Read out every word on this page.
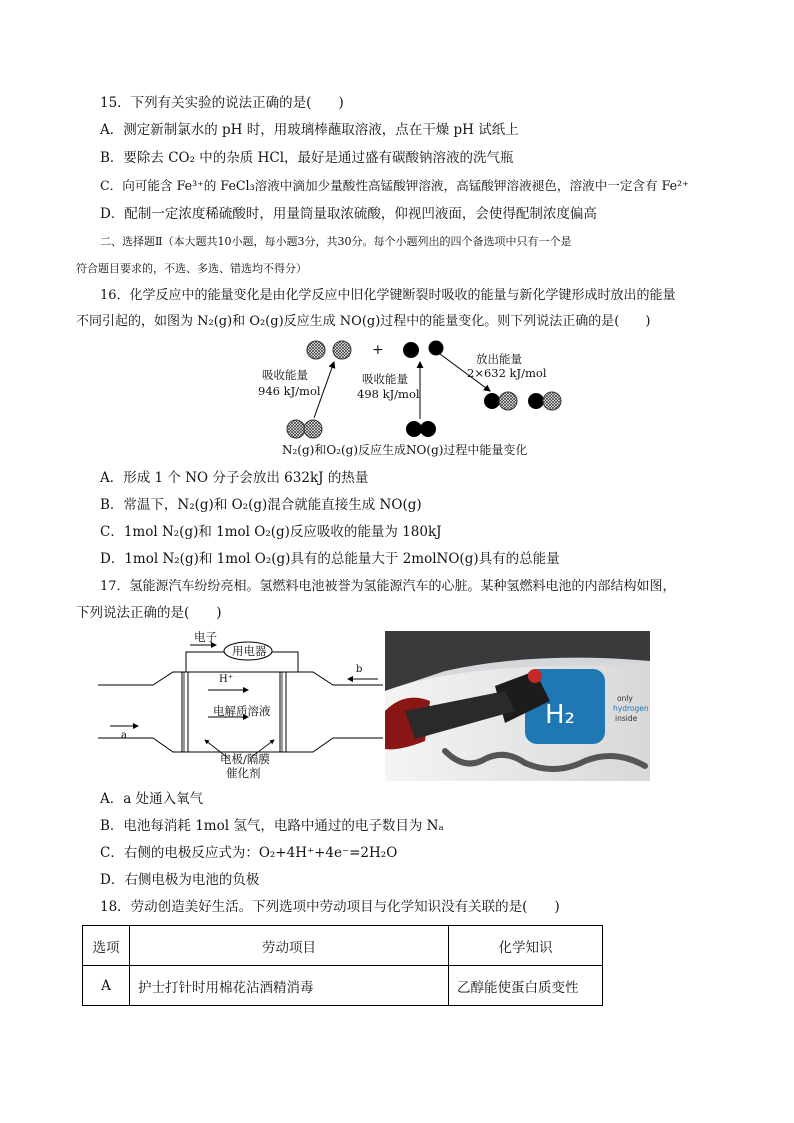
15．下列有关实验的说法正确的是(　　)
A．测定新制氯水的 pH 时，用玻璃棒蘸取溶液，点在干燥 pH 试纸上
B．要除去 CO₂ 中的杂质 HCl，最好是通过盛有碳酸钠溶液的洗气瓶
C．向可能含 Fe³⁺的 FeCl₃溶液中滴加少量酸性高锰酸钾溶液，高锰酸钾溶液褪色，溶液中一定含有 Fe²⁺
D．配制一定浓度稀硫酸时，用量筒量取浓硫酸，仰视凹液面，会使得配制浓度偏高
二、选择题Ⅱ（本大题共10小题，每小题3分，共30分。每个小题列出的四个备选项中只有一个是
符合题目要求的，不选、多选、错选均不得分）
16．化学反应中的能量变化是由化学反应中旧化学键断裂时吸收的能量与新化学键形成时放出的能量
不同引起的，如图为 N₂(g)和 O₂(g)反应生成 NO(g)过程中的能量变化。则下列说法正确的是(　　)
+
吸收能量
946 kJ/mol
吸收能量
498 kJ/mol
放出能量
2×632 kJ/mol
N₂(g)和O₂(g)反应生成NO(g)过程中能量变化
A．形成 1 个 NO 分子会放出 632kJ 的热量
B．常温下，N₂(g)和 O₂(g)混合就能直接生成 NO(g)
C．1mol N₂(g)和 1mol O₂(g)反应吸收的能量为 180kJ
D．1mol N₂(g)和 1mol O₂(g)具有的总能量大于 2molNO(g)具有的总能量
17．氢能源汽车纷纷亮相。氢燃料电池被誉为氢能源汽车的心脏。某种氢燃料电池的内部结构如图，
下列说法正确的是(　　)
电子
用电器
H⁺
电解质溶液
a
b
电极/隔膜
催化剂
H₂
only
hydrogen
inside
A．a 处通入氧气
B．电池每消耗 1mol 氢气，电路中通过的电子数目为 Nₐ
C．右侧的电极反应式为：O₂+4H⁺+4e⁻=2H₂O
D．右侧电极为电池的负极
18．劳动创造美好生活。下列选项中劳动项目与化学知识没有关联的是(　　)
选项	劳动项目	化学知识
A	护士打针时用棉花沾酒精消毒	乙醇能使蛋白质变性
